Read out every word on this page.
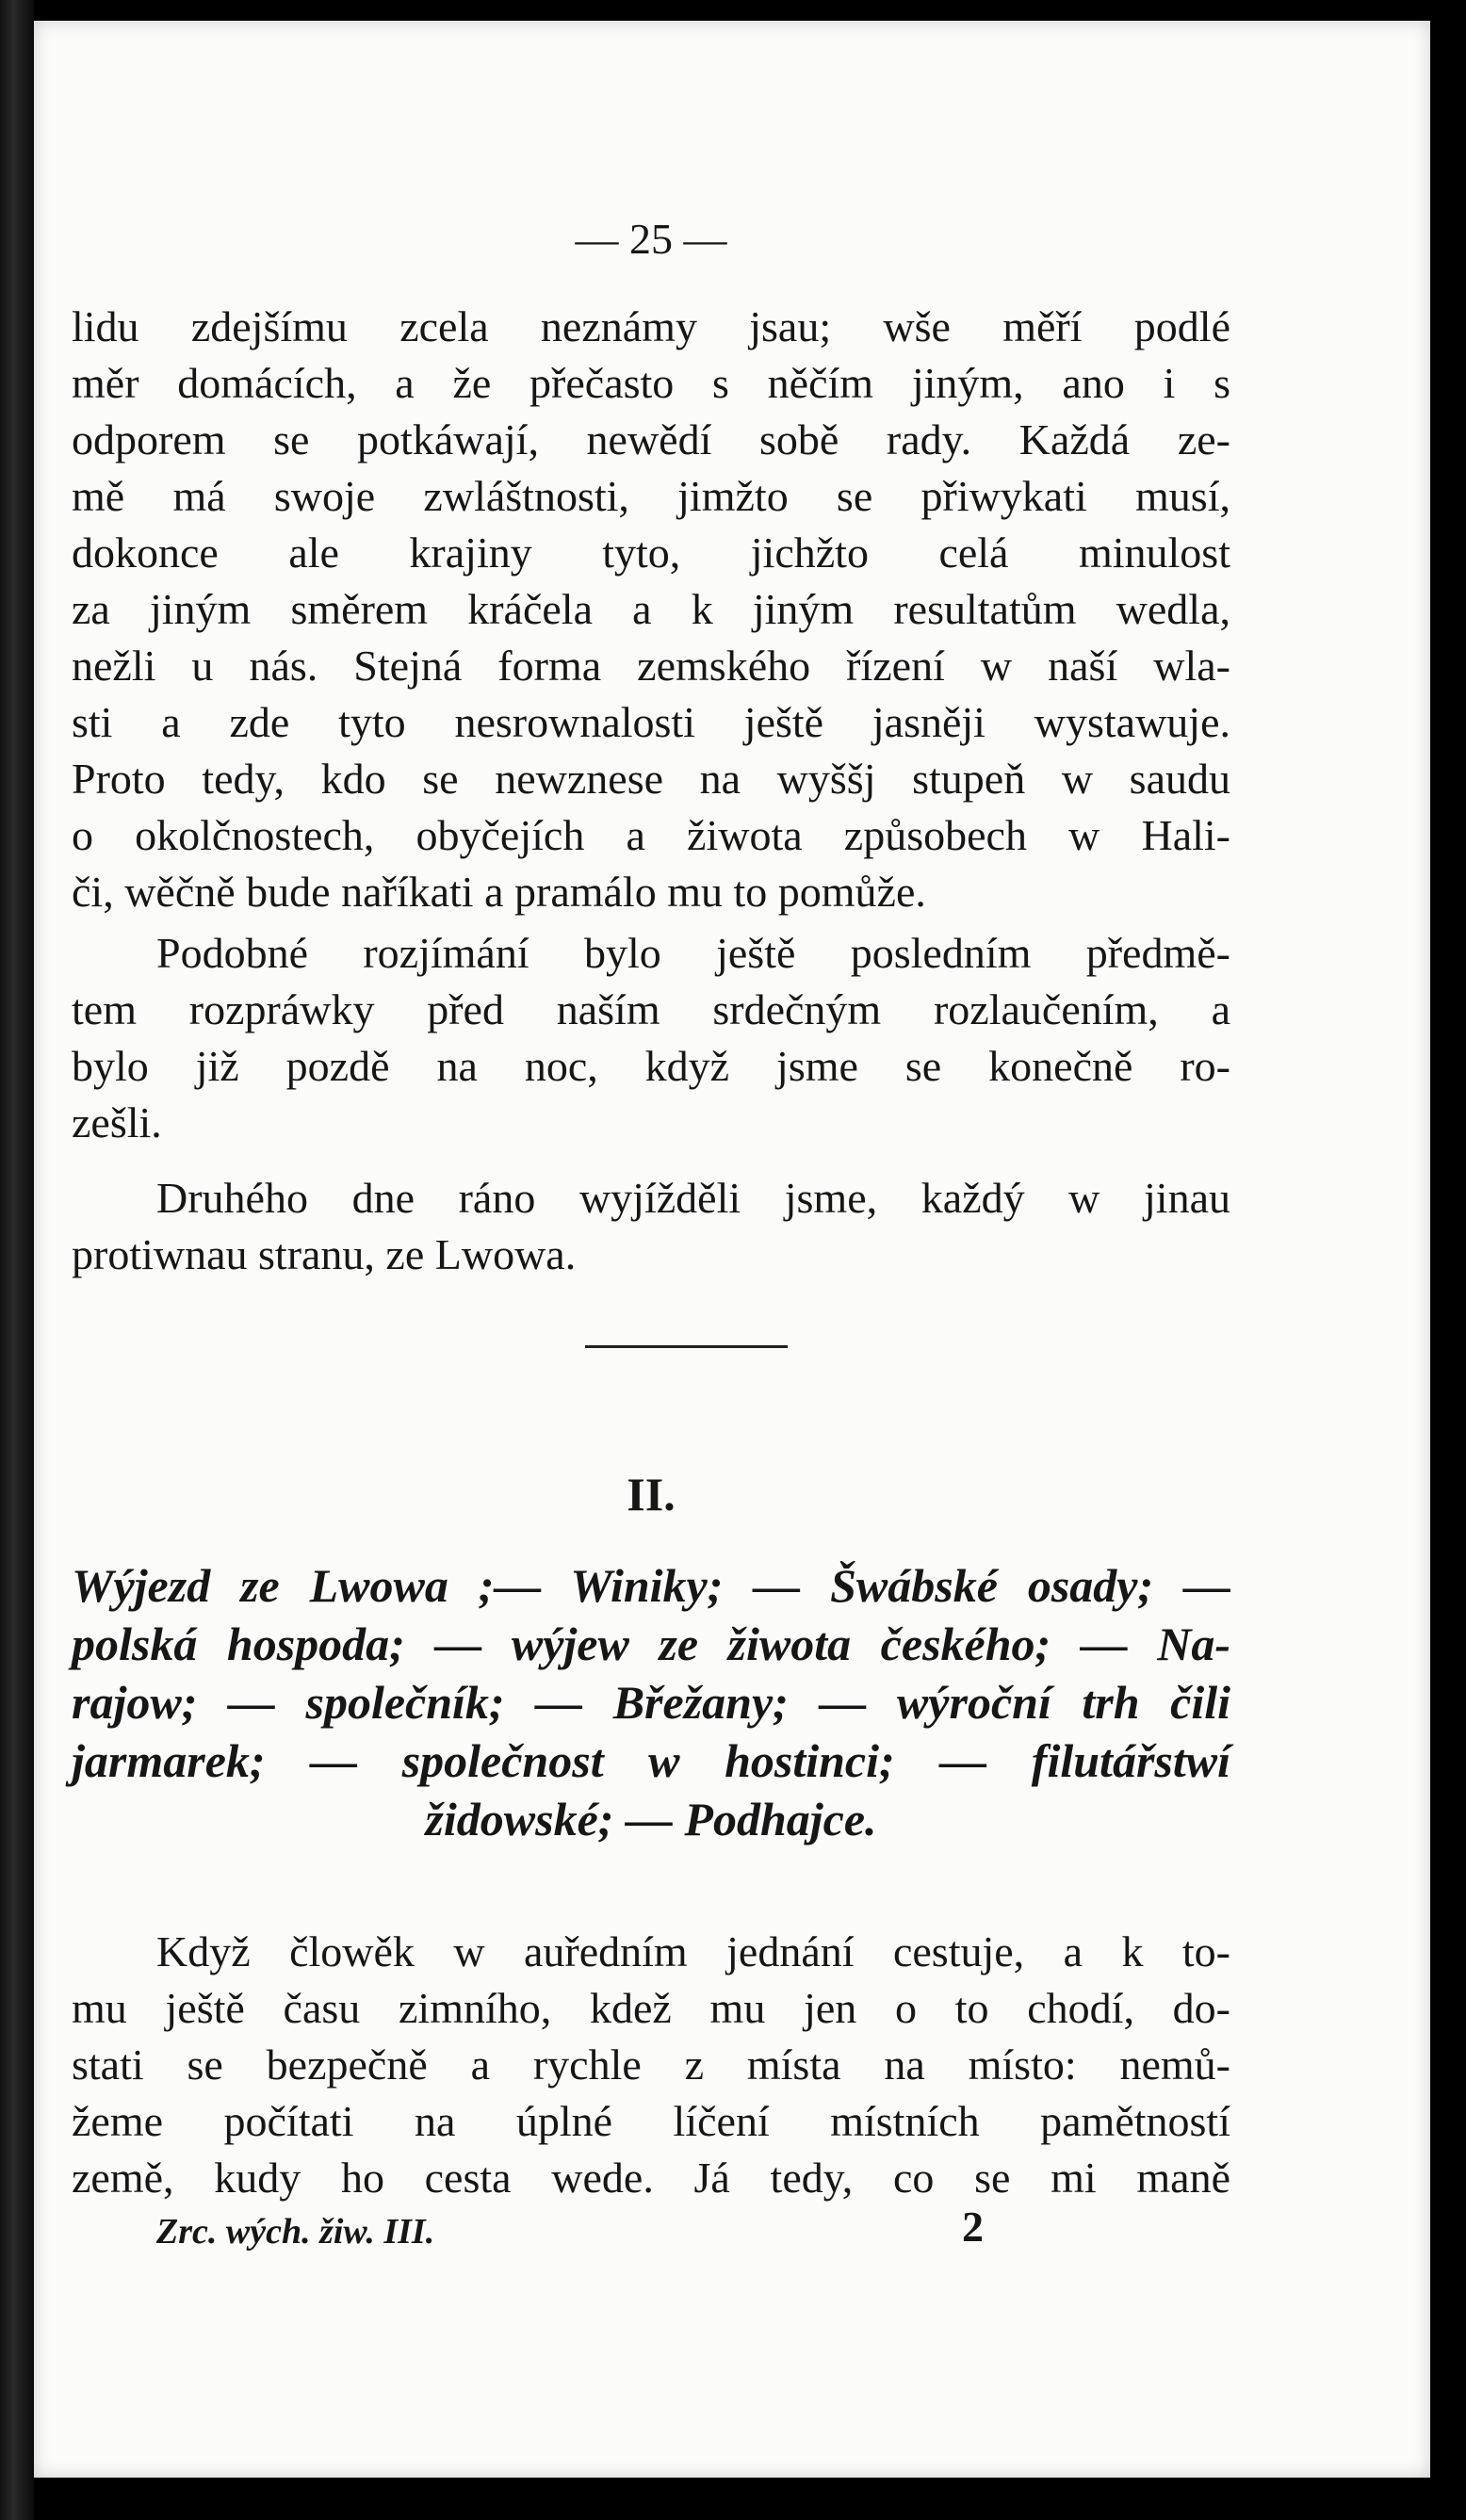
— 25 —
lidu zdejšímu zcela neznámy jsau; wše měří podlé
měr domácích, a že přečasto s něčím jiným, ano i s
odporem se potkáwají, newědí sobě rady. Každá ze-
mě má swoje zwláštnosti, jimžto se přiwykati musí,
dokonce ale krajiny tyto, jichžto celá minulost
za jiným směrem kráčela a k jiným resultatům wedla,
nežli u nás. Stejná forma zemského řízení w naší wla-
sti a zde tyto nesrownalosti ještě jasněji wystawuje.
Proto tedy, kdo se newznese na wyššj stupeň w saudu
o okolčnostech, obyčejích a žiwota způsobech w Hali-
či, wěčně bude naříkati a pramálo mu to pomůže.
Podobné rozjímání bylo ještě posledním předmě-
tem rozpráwky před naším srdečným rozlaučením, a
bylo již pozdě na noc, když jsme se konečně ro-
zešli.
Druhého dne ráno wyjížděli jsme, každý w jinau
protiwnau stranu, ze Lwowa.
II.
Wýjezd ze Lwowa ;— Winiky; — Šwábské osady; —
polská hospoda; — wýjew ze žiwota českého; — Na-
rajow; — společník; — Břežany; — wýroční trh čili
jarmarek; — společnost w hostinci; — filutářstwí
židowské; — Podhajce.
Když člowěk w auředním jednání cestuje, a k to-
mu ještě času zimního, kdež mu jen o to chodí, do-
stati se bezpečně a rychle z místa na místo: nemů-
žeme počítati na úplné líčení místních pamětností
země, kudy ho cesta wede. Já tedy, co se mi maně
Zrc. wých. žiw. III.	2
